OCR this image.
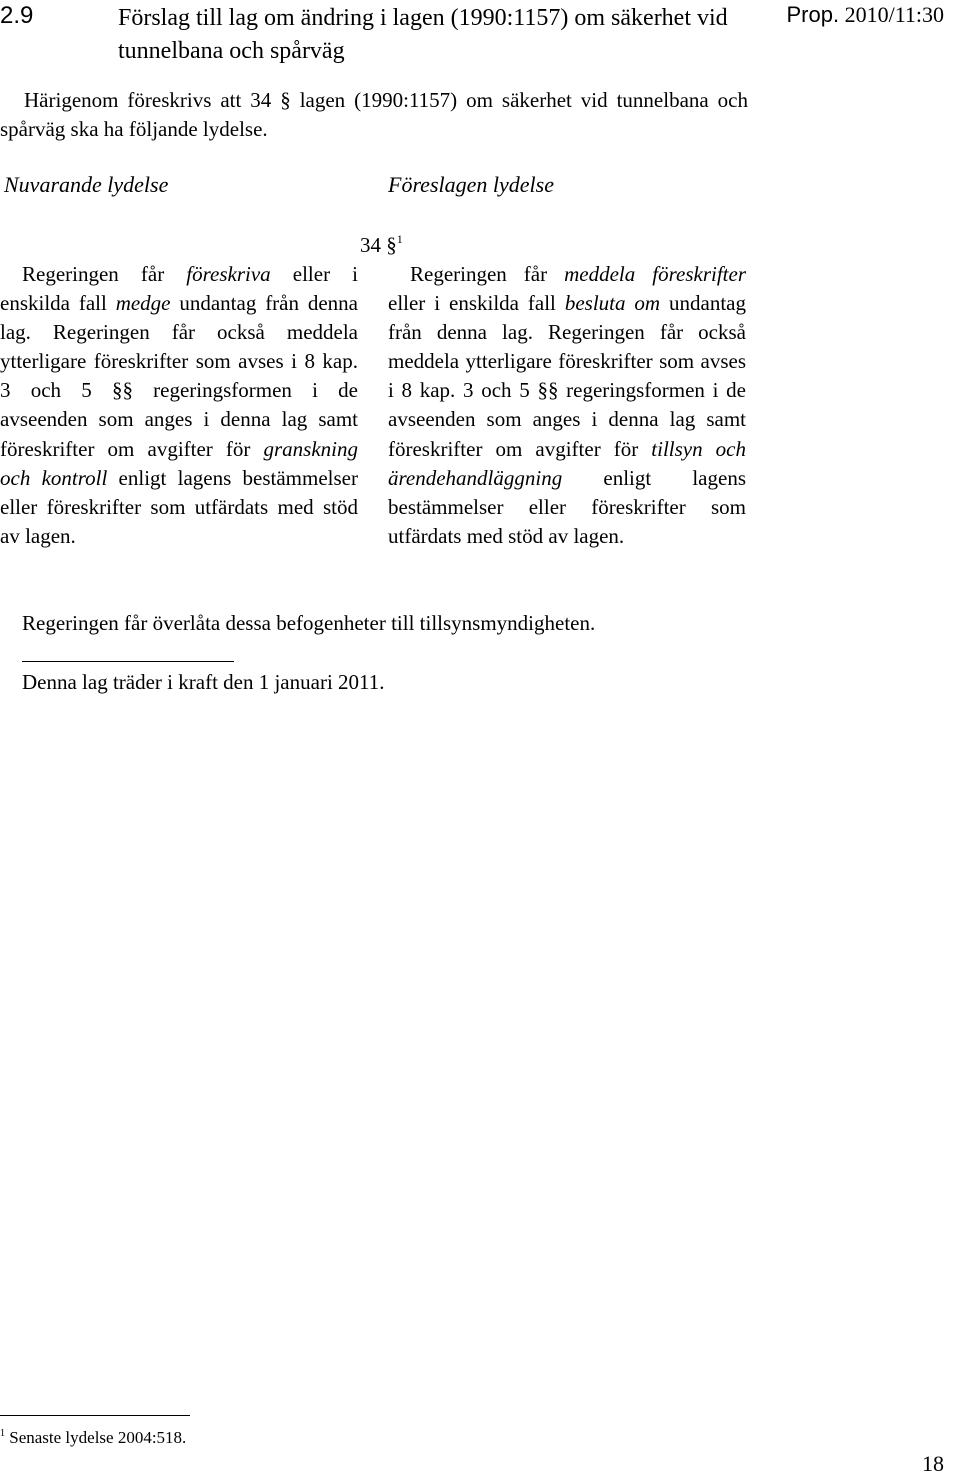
2.9	Förslag till lag om ändring i lagen (1990:1157) om säkerhet vid tunnelbana och spårväg
Prop. 2010/11:30

Härigenom föreskrivs att 34 § lagen (1990:1157) om säkerhet vid tunnelbana och spårväg ska ha följande lydelse.

Nuvarande lydelse	Föreslagen lydelse
34 §$^1$

Regeringen får föreskriva eller i enskilda fall medge undantag från denna lag. Regeringen får också meddela ytterligare föreskrifter som avses i 8 kap. 3 och 5 §§ regeringsformen i de avseenden som anges i denna lag samt föreskrifter om avgifter för granskning och kontroll enligt lagens bestämmelser eller föreskrifter som utfärdats med stöd av lagen.

Regeringen får meddela föreskrifter eller i enskilda fall besluta om undantag från denna lag. Regeringen får också meddela ytterligare föreskrifter som avses i 8 kap. 3 och 5 §§ regeringsformen i de avseenden som anges i denna lag samt föreskrifter om avgifter för tillsyn och ärendehandläggning enligt lagens bestämmelser eller föreskrifter som utfärdats med stöd av lagen.

Regeringen får överlåta dessa befogenheter till tillsynsmyndigheten.

Denna lag träder i kraft den 1 januari 2011.
$^1$ Senaste lydelse 2004:518.
18
